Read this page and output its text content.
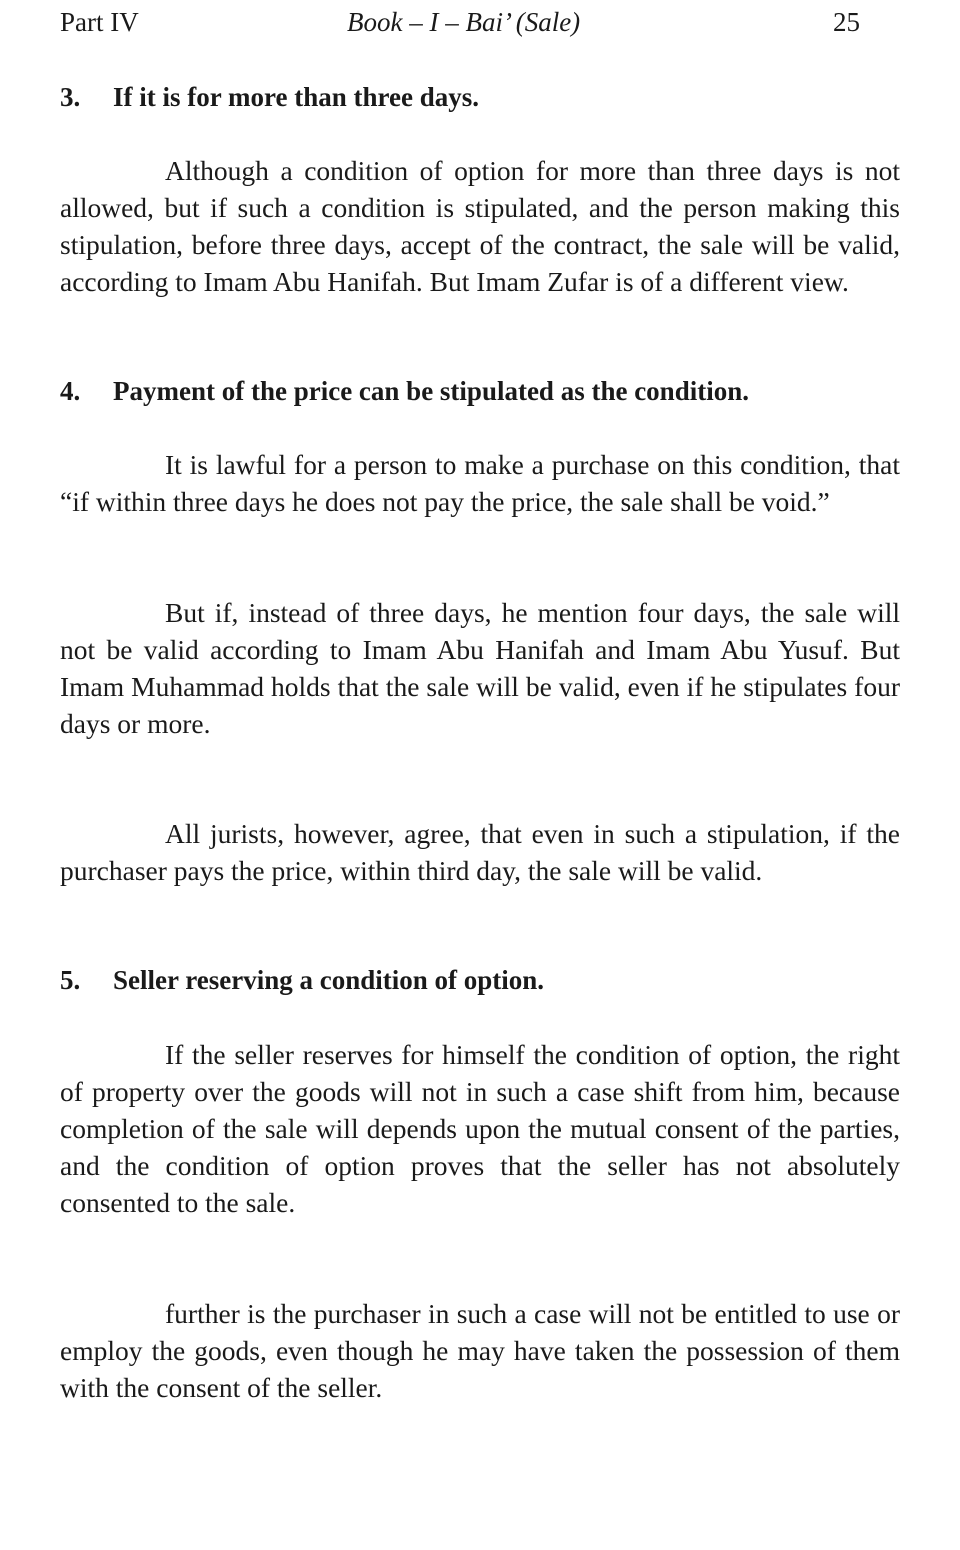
Part IV	Book – I – Bai’ (Sale)	25
3. If it is for more than three days.

Although a condition of option for more than three days is not allowed, but if such a condition is stipulated, and the person making this stipulation, before three days, accept of the contract, the sale will be valid, according to Imam Abu Hanifah. But Imam Zufar is of a different view.

4. Payment of the price can be stipulated as the condition.

It is lawful for a person to make a purchase on this condition, that “if within three days he does not pay the price, the sale shall be void.”

But if, instead of three days, he mention four days, the sale will not be valid according to Imam Abu Hanifah and Imam Abu Yusuf. But Imam Muhammad holds that the sale will be valid, even if he stipulates four days or more.

All jurists, however, agree, that even in such a stipulation, if the purchaser pays the price, within third day, the sale will be valid.

5. Seller reserving a condition of option.

If the seller reserves for himself the condition of option, the right of property over the goods will not in such a case shift from him, because completion of the sale will depends upon the mutual consent of the parties, and the condition of option proves that the seller has not absolutely consented to the sale.

further is the purchaser in such a case will not be entitled to use or employ the goods, even though he may have taken the possession of them with the consent of the seller.
